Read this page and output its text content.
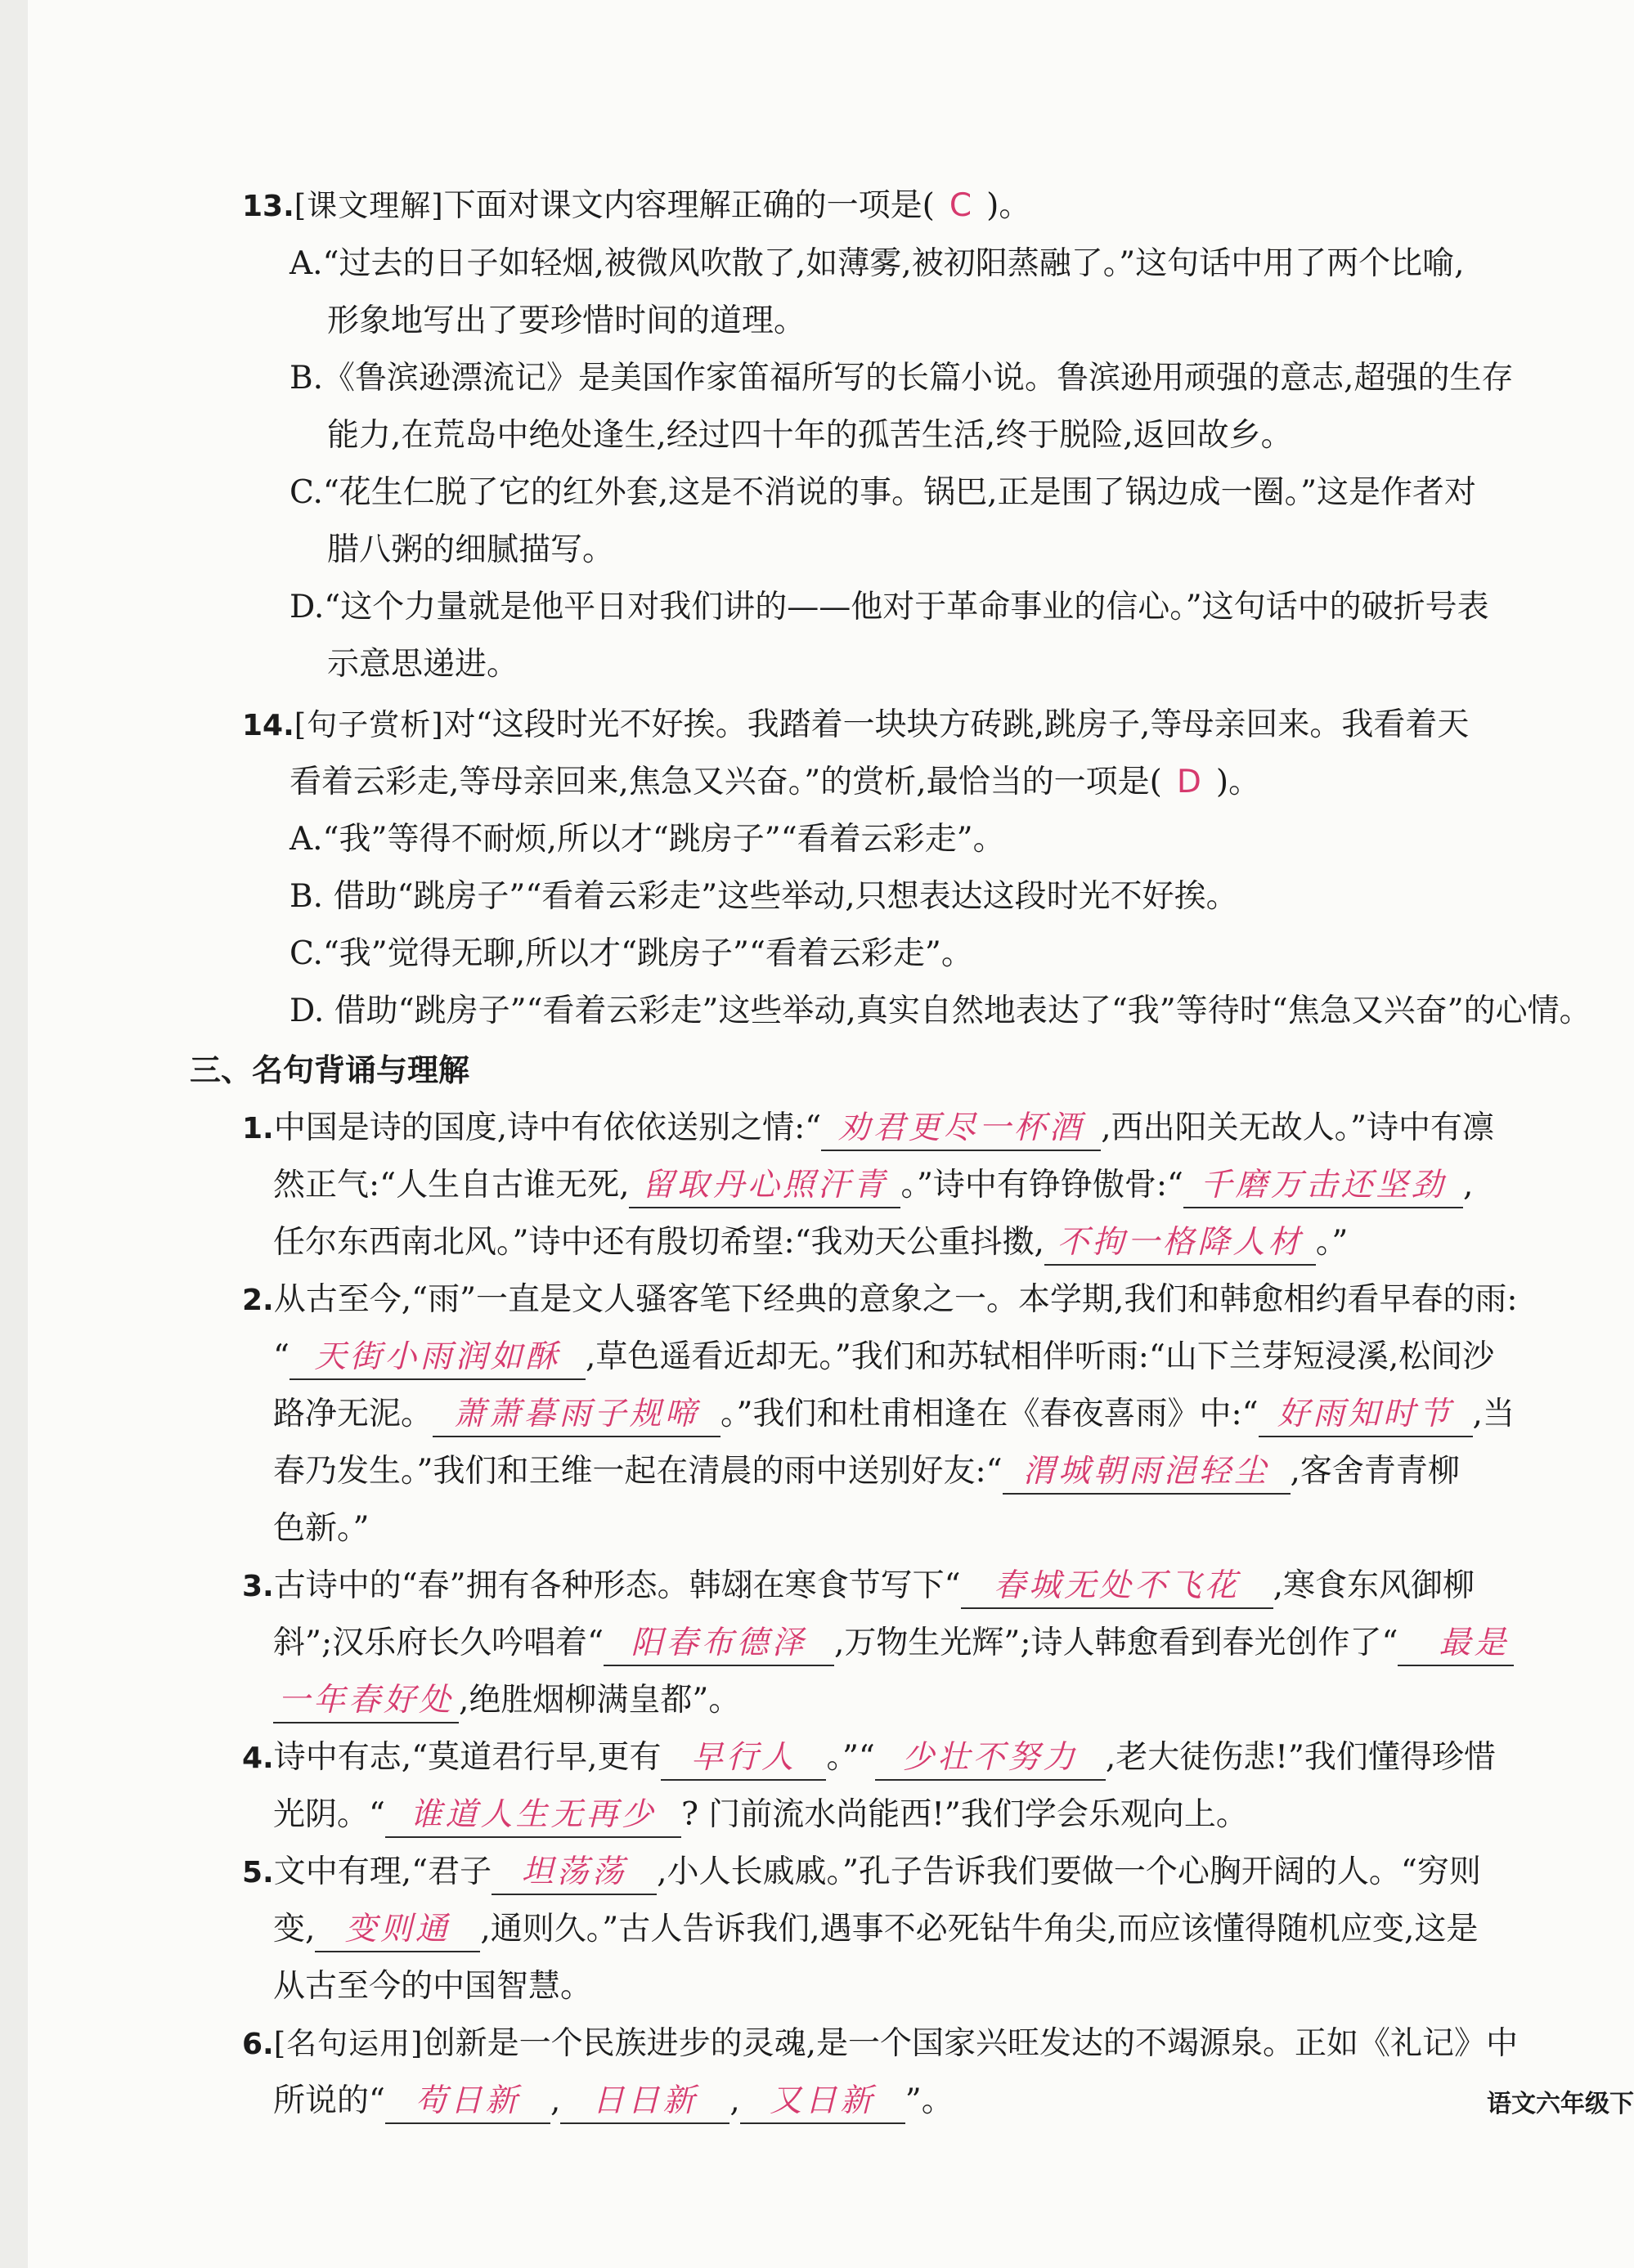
13.[课文理解]下面对课文内容理解正确的一项是( C )。
A.“过去的日子如轻烟,被微风吹散了,如薄雾,被初阳蒸融了。”这句话中用了两个比喻,
形象地写出了要珍惜时间的道理。
B.《鲁滨逊漂流记》是美国作家笛福所写的长篇小说。鲁滨逊用顽强的意志,超强的生存
能力,在荒岛中绝处逢生,经过四十年的孤苦生活,终于脱险,返回故乡。
C.“花生仁脱了它的红外套,这是不消说的事。锅巴,正是围了锅边成一圈。”这是作者对
腊八粥的细腻描写。
D.“这个力量就是他平日对我们讲的——他对于革命事业的信心。”这句话中的破折号表
示意思递进。
14.[句子赏析]对“这段时光不好挨。我踏着一块块方砖跳,跳房子,等母亲回来。我看着天
看着云彩走,等母亲回来,焦急又兴奋。”的赏析,最恰当的一项是( D )。
A.“我”等得不耐烦,所以才“跳房子”“看着云彩走”。
B. 借助“跳房子”“看着云彩走”这些举动,只想表达这段时光不好挨。
C.“我”觉得无聊,所以才“跳房子”“看着云彩走”。
D. 借助“跳房子”“看着云彩走”这些举动,真实自然地表达了“我”等待时“焦急又兴奋”的心情。
三、名句背诵与理解
1.中国是诗的国度,诗中有依依送别之情:“ 劝君更尽一杯酒 ,西出阳关无故人。”诗中有凛
然正气:“人生自古谁无死, 留取丹心照汗青 。”诗中有铮铮傲骨:“ 千磨万击还坚劲 ,
任尔东西南北风。”诗中还有殷切希望:“我劝天公重抖擞, 不拘一格降人材 。”
2.从古至今,“雨”一直是文人骚客笔下经典的意象之一。本学期,我们和韩愈相约看早春的雨:
“ 天街小雨润如酥 ,草色遥看近却无。”我们和苏轼相伴听雨:“山下兰芽短浸溪,松间沙
路净无泥。 萧萧暮雨子规啼 。”我们和杜甫相逢在《春夜喜雨》中:“ 好雨知时节 ,当
春乃发生。”我们和王维一起在清晨的雨中送别好友:“ 渭城朝雨浥轻尘 ,客舍青青柳
色新。”
3.古诗中的“春”拥有各种形态。韩翃在寒食节写下“ 春城无处不飞花 ,寒食东风御柳
斜”;汉乐府长久吟唱着“ 阳春布德泽 ,万物生光辉”;诗人韩愈看到春光创作了“ 最是
一年春好处 ,绝胜烟柳满皇都”。
4.诗中有志,“莫道君行早,更有 早行人 。”“ 少壮不努力 ,老大徒伤悲!”我们懂得珍惜
光阴。“ 谁道人生无再少 ? 门前流水尚能西!”我们学会乐观向上。
5.文中有理,“君子 坦荡荡 ,小人长戚戚。”孔子告诉我们要做一个心胸开阔的人。“穷则
变, 变则通 ,通则久。”古人告诉我们,遇事不必死钻牛角尖,而应该懂得随机应变,这是
从古至今的中国智慧。
6.[名句运用]创新是一个民族进步的灵魂,是一个国家兴旺发达的不竭源泉。正如《礼记》中
所说的“ 苟日新 , 日日新 , 又日新 ”。	语文六年级下
